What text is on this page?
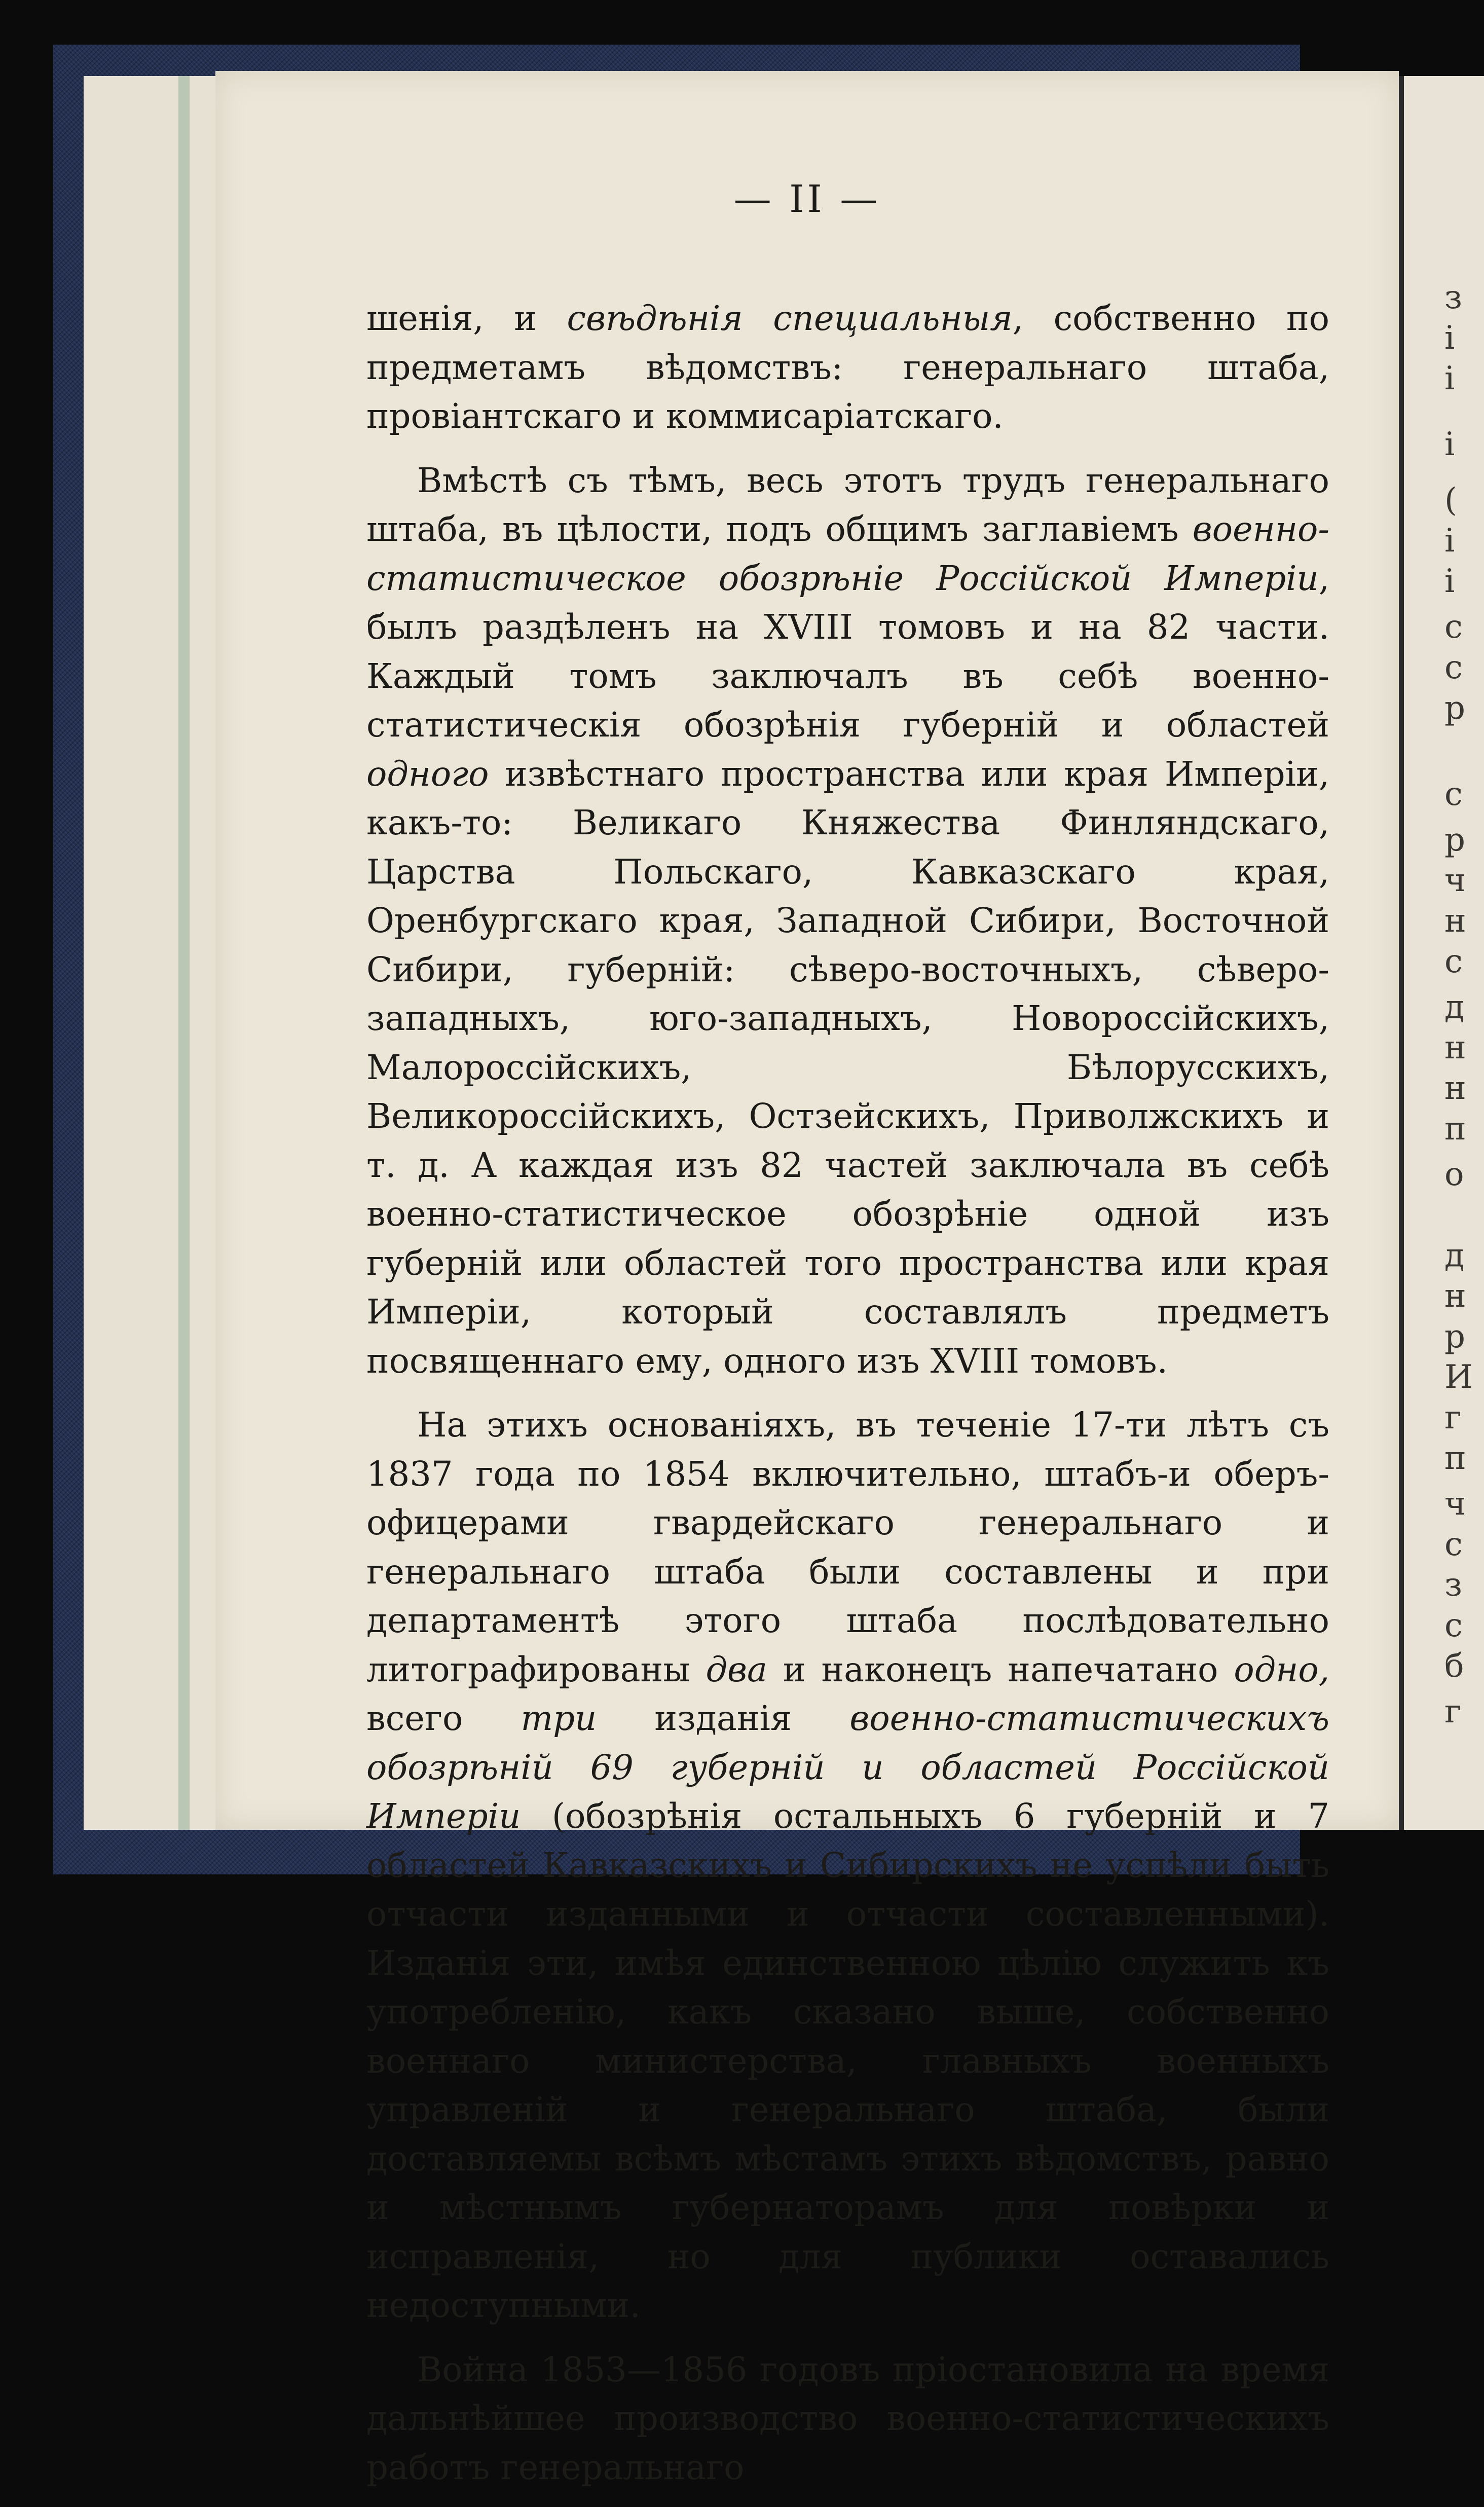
— II —

шенія, и свѣдѣнія специальныя, собственно по предметамъ вѣдомствъ: генеральнаго штаба, провіантскаго и коммисаріатскаго.

Вмѣстѣ съ тѣмъ, весь этотъ трудъ генеральнаго штаба, въ цѣлости, подъ общимъ заглавіемъ военно-статистическое обозрѣніе Россійской Имперіи, былъ раздѣленъ на XVIII томовъ и на 82 части. Каждый томъ заключалъ въ себѣ военно-статистическія обозрѣнія губерній и областей одного извѣстнаго пространства или края Имперіи, какъ-то: Великаго Княжества Финляндскаго, Царства Польскаго, Кавказскаго края, Оренбургскаго края, Западной Сибири, Восточной Сибири, губерній: сѣверо-восточныхъ, сѣверо-западныхъ, юго-западныхъ, Новороссійскихъ, Малороссійскихъ, Бѣлорусскихъ, Великороссійскихъ, Остзейскихъ, Приволжскихъ и т. д. А каждая изъ 82 частей заключала въ себѣ военно-статистическое обозрѣніе одной изъ губерній или областей того пространства или края Имперіи, который составлялъ предметъ посвященнаго ему, одного изъ XVIII томовъ.

На этихъ основаніяхъ, въ теченіе 17-ти лѣтъ съ 1837 года по 1854 включительно, штабъ-и оберъ-офицерами гвардейскаго генеральнаго и генеральнаго штаба были составлены и при департаментѣ этого штаба послѣдовательно литографированы два и наконецъ напечатано одно, всего три изданія военно-статистическихъ обозрѣній 69 губерній и областей Россійской Имперіи (обозрѣнія остальныхъ 6 губерній и 7 областей Кавказскихъ и Сибирскихъ не успѣли быть отчасти изданными и отчасти составленными). Изданія эти, имѣя единственною цѣлію служить къ употребленію, какъ сказано выше, собственно военнаго министерства, главныхъ военныхъ управленій и генеральнаго штаба, были доставляемы всѣмъ мѣстамъ этихъ вѣдомствъ, равно и мѣстнымъ губернаторамъ для повѣрки и исправленія, но для публики оставались недоступными.

Война 1853—1856 годовъ пріостановила на время дальнѣйшее производство военно-статистическихъ работъ генеральнаго

з
і
і
і
(
і
і
с
с
р
с
р
ч
н
с
д
н
н
п
о
д
н
р
И
г
п
ч
с
з
с
б
г
